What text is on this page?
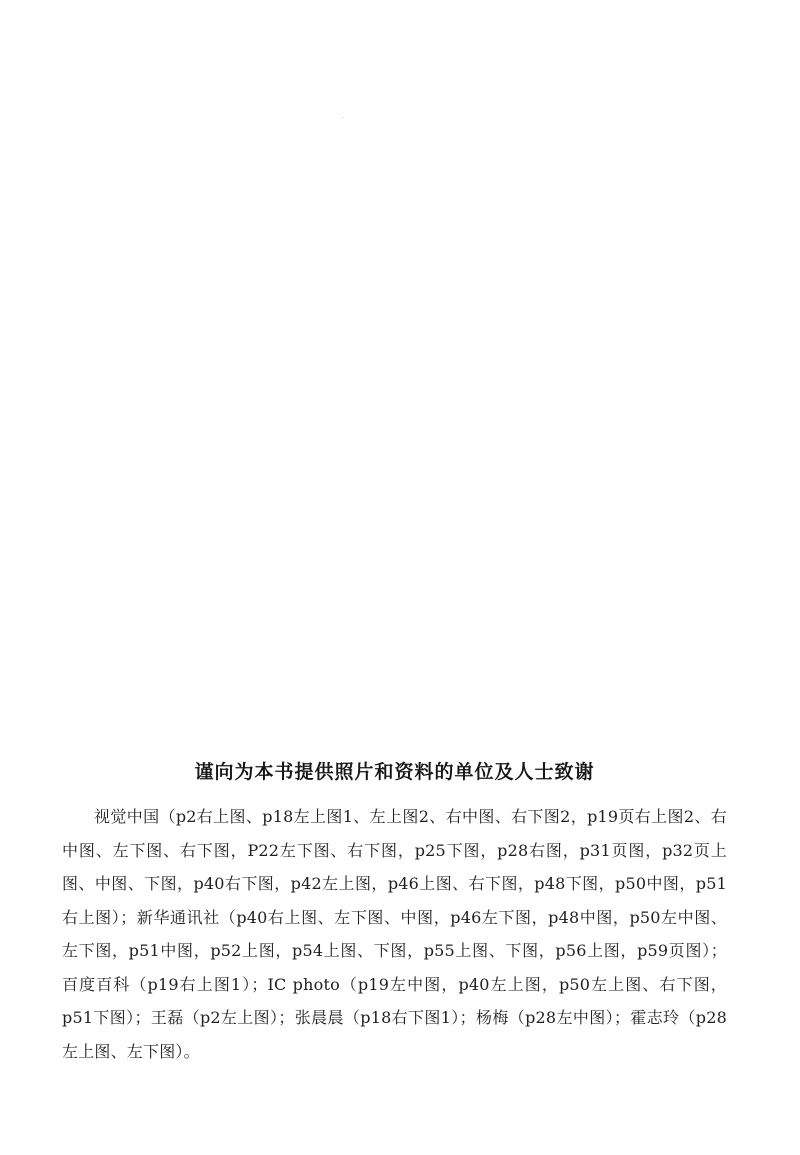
谨向为本书提供照片和资料的单位及人士致谢

视觉中国（p2右上图、p18左上图1、左上图2、右中图、右下图2，p19页右上图2、右中图、左下图、右下图，P22左下图、右下图，p25下图，p28右图，p31页图，p32页上图、中图、下图，p40右下图，p42左上图，p46上图、右下图，p48下图，p50中图，p51右上图）；新华通讯社（p40右上图、左下图、中图，p46左下图，p48中图，p50左中图、左下图，p51中图，p52上图，p54上图、下图，p55上图、下图，p56上图，p59页图）；百度百科（p19右上图1）；IC photo（p19左中图，p40左上图，p50左上图、右下图，p51下图）；王磊（p2左上图）；张晨晨（p18右下图1）；杨梅（p28左中图）；霍志玲（p28左上图、左下图）。
